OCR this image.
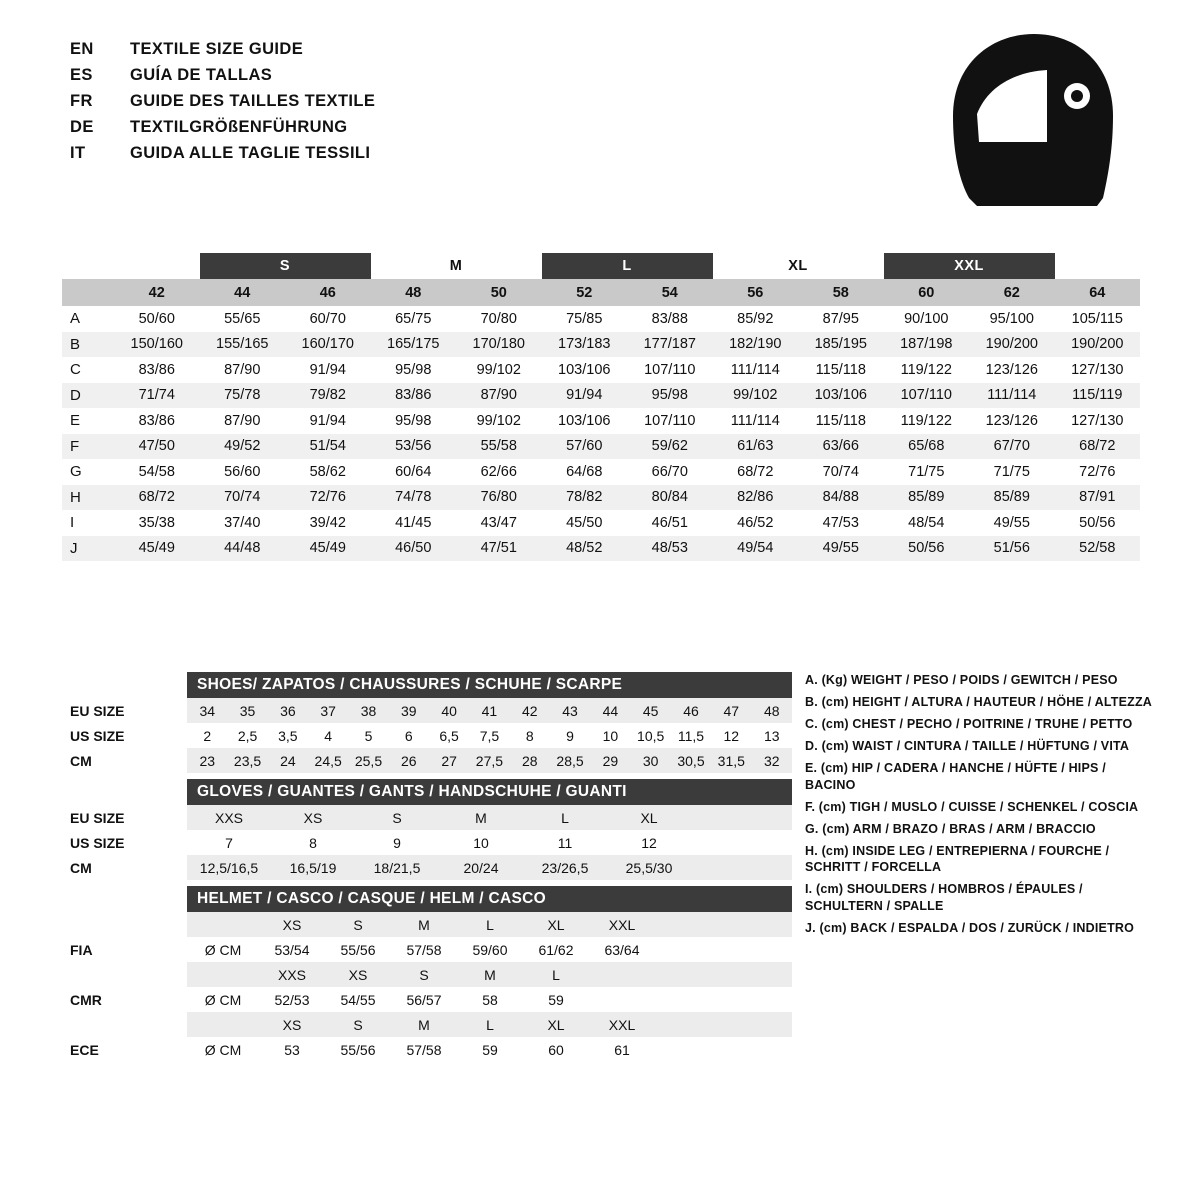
EN	TEXTILE SIZE GUIDE
ES	GUÍA DE TALLAS
FR	GUIDE DES TAILLES TEXTILE
DE	TEXTILGRÖßENFÜHRUNG
IT	GUIDA ALLE TAGLIE TESSILI
		S		M		L		XL		XXL		
	42	44	46	48	50	52	54	56	58	60	62	64
A	50/60	55/65	60/70	65/75	70/80	75/85	83/88	85/92	87/95	90/100	95/100	105/115
B	150/160	155/165	160/170	165/175	170/180	173/183	177/187	182/190	185/195	187/198	190/200	190/200
C	83/86	87/90	91/94	95/98	99/102	103/106	107/110	111/114	115/118	119/122	123/126	127/130
D	71/74	75/78	79/82	83/86	87/90	91/94	95/98	99/102	103/106	107/110	111/114	115/119
E	83/86	87/90	91/94	95/98	99/102	103/106	107/110	111/114	115/118	119/122	123/126	127/130
F	47/50	49/52	51/54	53/56	55/58	57/60	59/62	61/63	63/66	65/68	67/70	68/72
G	54/58	56/60	58/62	60/64	62/66	64/68	66/70	68/72	70/74	71/75	71/75	72/76
H	68/72	70/74	72/76	74/78	76/80	78/82	80/84	82/86	84/88	85/89	85/89	87/91
I	35/38	37/40	39/42	41/45	43/47	45/50	46/51	46/52	47/53	48/54	49/55	50/56
J	45/49	44/48	45/49	46/50	47/51	48/52	48/53	49/54	49/55	50/56	51/56	52/58
SHOES/ ZAPATOS / CHAUSSURES / SCHUHE / SCARPE
EU SIZE	34	35	36	37	38	39	40	41	42	43	44	45	46	47	48
US SIZE	2	2,5	3,5	4	5	6	6,5	7,5	8	9	10	10,5	11,5	12	13
CM	23	23,5	24	24,5	25,5	26	27	27,5	28	28,5	29	30	30,5	31,5	32
GLOVES / GUANTES / GANTS / HANDSCHUHE / GUANTI
EU SIZE	XXS	XS	S	M	L	XL	
US SIZE	7	8	9	10	11	12	
CM	12,5/16,5	16,5/19	18/21,5	20/24	23/26,5	25,5/30	
HELMET / CASCO / CASQUE / HELM / CASCO
		XS	S	M	L	XL	XXL	
FIA	Ø CM	53/54	55/56	57/58	59/60	61/62	63/64	
		XXS	XS	S	M	L		
CMR	Ø CM	52/53	54/55	56/57	58	59		
		XS	S	M	L	XL	XXL	
ECE	Ø CM	53	55/56	57/58	59	60	61	
A. (Kg) WEIGHT / PESO / POIDS / GEWITCH / PESO
B. (cm) HEIGHT / ALTURA / HAUTEUR / HÖHE / ALTEZZA
C. (cm) CHEST / PECHO / POITRINE / TRUHE / PETTO
D. (cm) WAIST / CINTURA / TAILLE / HÜFTUNG / VITA
E. (cm) HIP / CADERA / HANCHE / HÜFTE / HIPS / BACINO
F. (cm) TIGH / MUSLO / CUISSE / SCHENKEL / COSCIA
G. (cm) ARM / BRAZO / BRAS / ARM / BRACCIO
H. (cm) INSIDE LEG / ENTREPIERNA / FOURCHE /
SCHRITT / FORCELLA
I. (cm) SHOULDERS / HOMBROS / ÉPAULES /
SCHULTERN / SPALLE
J. (cm) BACK / ESPALDA / DOS / ZURÜCK / INDIETRO
